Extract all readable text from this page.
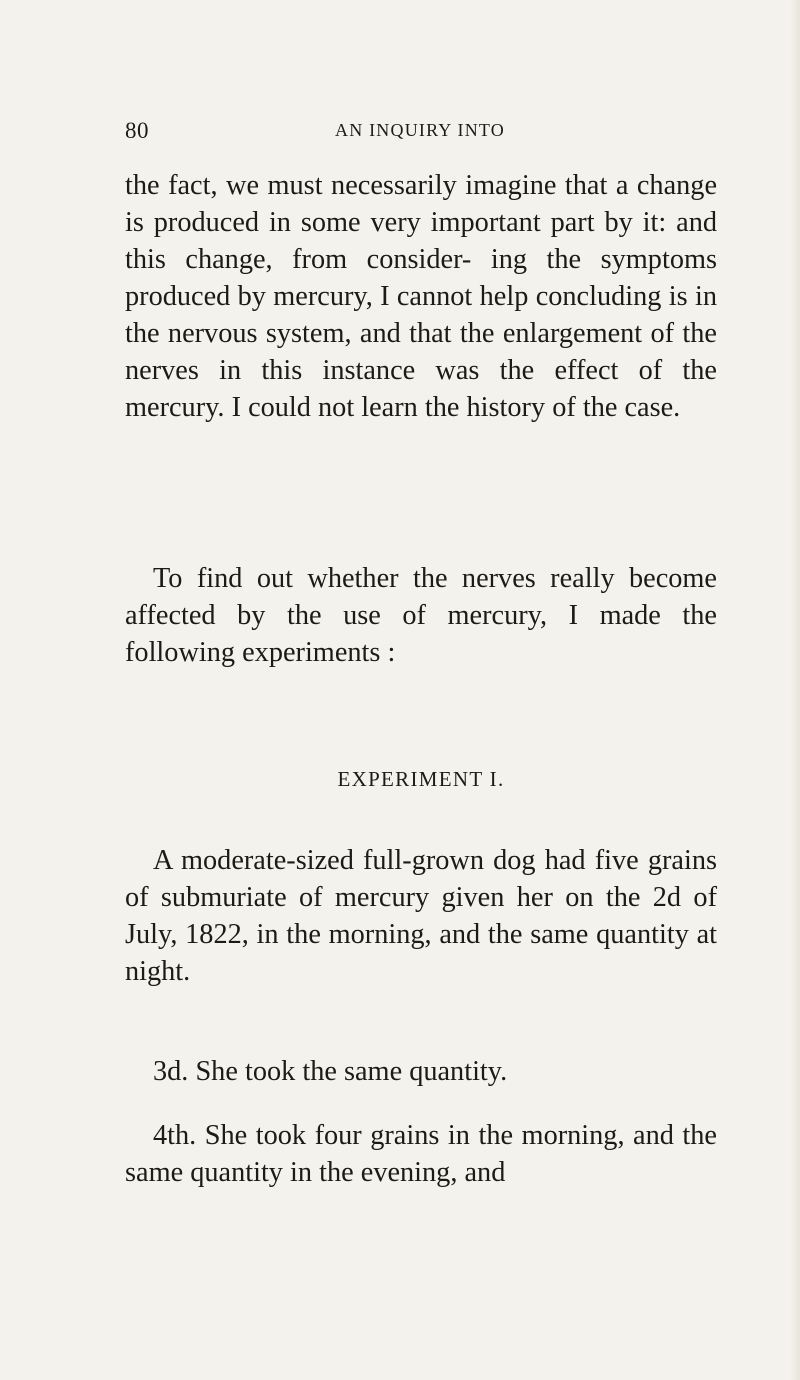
80	AN INQUIRY INTO

the fact, we must necessarily imagine that a change is produced in some very important part by it: and this change, from consider- ing the symptoms produced by mercury, I cannot help concluding is in the nervous system, and that the enlargement of the nerves in this instance was the effect of the mercury. I could not learn the history of the case.

To find out whether the nerves really become affected by the use of mercury, I made the following experiments :

EXPERIMENT I.

A moderate-sized full-grown dog had five grains of submuriate of mercury given her on the 2d of July, 1822, in the morning, and the same quantity at night.

3d. She took the same quantity.

4th. She took four grains in the morning, and the same quantity in the evening, and
